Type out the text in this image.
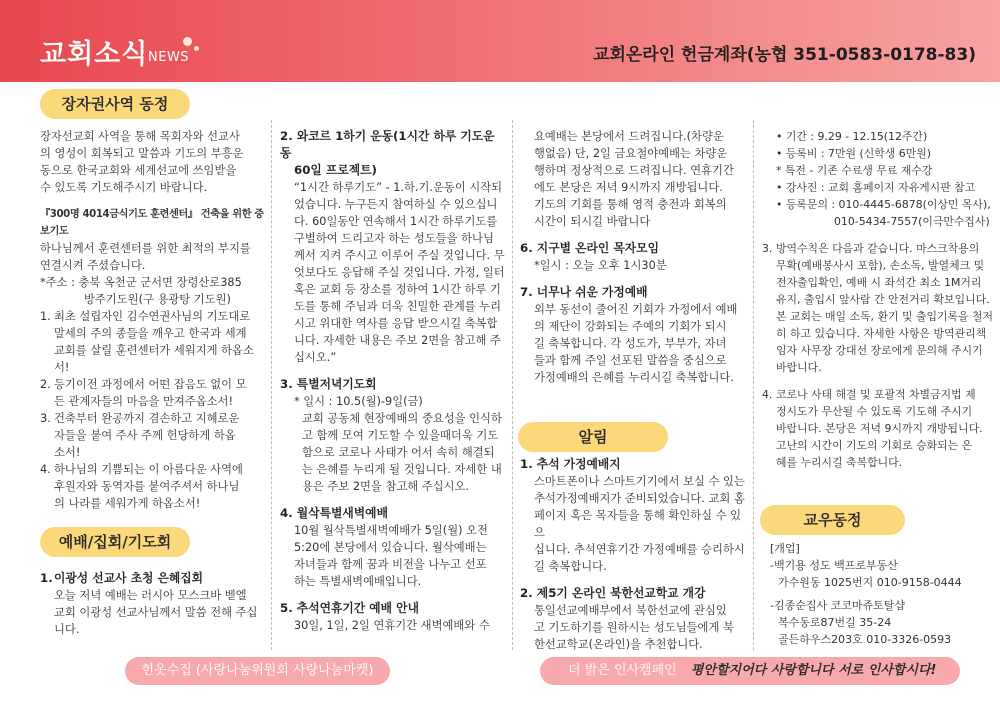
교회소식 NEWS	교회온라인 헌금계좌(농협 351-0583-0178-83)
장자권사역 동정
예배/집회/기도회
알림
교우동정

장자선교회 사역을 통해 목회자와 선교사

의 영성이 회복되고 말씀과 기도의 부흥운

동으로 한국교회와 세계선교에 쓰임받을

수 있도록 기도해주시기 바랍니다.

『300명 4014금식기도 훈련센터』 건축을 위한 중보기도

하나님께서 훈련센터를 위한 최적의 부지를

연결시켜 주셨습니다.

*주소 : 충북 옥천군 군서면 장령산로385

방주기도원(구 용광탕 기도원)

1. 최초 설립자인 김수연권사님의 기도대로

말세의 주의 종들을 깨우고 한국과 세계

교회를 살릴 훈련센터가 세워지게 하옵소서!

2. 등기이전 과정에서 어떤 잡음도 없이 모

든 관계자들의 마음을 만져주옵소서!

3. 건축부터 완공까지 겸손하고 지혜로운

자들을 붙여 주사 주께 헌당하게 하옵

소서!

4. 하나님의 기쁨되는 이 아름다운 사역에

후원자와 동역자를 붙여주셔서 하나님

의 나라를 세워가게 하옵소서!

1. 이광성 선교사 초청 은혜집회

오늘 저녁 예배는 러시아 모스크바 벧엘

교회 이광성 선교사님께서 말씀 전해 주십

니다.

2. 와코르 1하기 운동(1시간 하루 기도운동

60일 프로젝트)

“1시간 하루기도” - 1.하.기.운동이 시작되

었습니다. 누구든지 참여하실 수 있으십니

다. 60일동안 연속해서 1시간 하루기도를

구별하여 드리고자 하는 성도들을 하나님

께서 지켜 주시고 이루어 주실 것입니다. 무

엇보다도 응답해 주실 것입니다. 가정, 일터

혹은 교회 등 장소를 정하여 1시간 하루 기

도를 통해 주님과 더욱 친밀한 관계를 누리

시고 위대한 역사를 응답 받으시길 축복합

니다. 자세한 내용은 주보 2면을 참고해 주

십시오.”

3. 특별저녁기도회

* 일시 : 10.5(월)-9일(금)

교회 공동체 현장예배의 중요성을 인식하

고 함께 모여 기도할 수 있을때더욱 기도

함으로 코로나 사태가 어서 속히 해결되

는 은혜를 누리게 될 것입니다. 자세한 내

용은 주보 2면을 참고해 주십시오.

4. 월삭특별새벽예배

10월 월삭특별새벽예배가 5일(월) 오전

5:20에 본당에서 있습니다. 월삭예배는

자녀들과 함께 꿈과 비전을 나누고 선포

하는 특별새벽예배입니다.

5. 추석연휴기간 예배 안내

30일, 1일, 2일 연휴기간 새벽예배와 수

요예배는 본당에서 드려집니다.(차량운

행없음) 단, 2일 금요철야예배는 차량운

행하며 정상적으로 드려집니다. 연휴기간

에도 본당은 저녁 9시까지 개방됩니다.

기도의 기회를 통해 영적 충전과 회복의

시간이 되시길 바랍니다

6. 지구별 온라인 목자모임

*일시 : 오늘 오후 1시30분

7. 너무나 쉬운 가정예배

외부 동선이 줄어진 기회가 가정에서 예배

의 제단이 강화되는 주예의 기회가 되시

길 축복합니다. 각 성도가, 부부가, 자녀

들과 함께 주일 선포된 말씀을 중심으로

가정예배의 은혜를 누리시길 축복합니다.

1. 추석 가정예배지

스마트폰이나 스마트기기에서 보실 수 있는

추석가정예배지가 준비되었습니다. 교회 홈

페이지 혹은 목자들을 통해 확인하실 수 있으

십니다. 추석연휴기간 가정예배를 승리하시

길 축복합니다.

2. 제5기 온라인 북한선교학교 개강

통일선교예배부에서 북한선교에 관심있

고 기도하기를 원하시는 성도님들에게 북

한선교학교(온라인)을 추천합니다.

• 기간 : 9.29 - 12.15(12주간)

• 등록비 : 7만원 (신학생 6만원)

* 특전 - 기존 수료생 무료 재수강

• 강사진 : 교회 홈페이지 자유게시판 참고

• 등록문의 : 010-4445-6878(이상민 목사),

010-5434-7557(이극만수집사)

3. 방역수칙은 다음과 같습니다. 마스크착용의

무확(예배봉사시 포함), 손소독, 발열체크 및

전자출입확인, 예배 시 좌석간 최소 1M거리

유지, 출입시 앞사람 간 안전거리 확보입니다.

본 교회는 매일 소독, 환기 및 출입기록을 철저

히 하고 있습니다. 자세한 사항은 방역관리책

임자 사무장 강대선 장로에게 문의해 주시기

바랍니다.

4. 코로나 사태 해결 및 포괄적 차별금지법 제

정시도가 무산될 수 있도록 기도해 주시기

바랍니다. 본당은 저녁 9시까지 개방됩니다.

고난의 시간이 기도의 기회로 승화되는 은

혜를 누리시길 축복합니다.

[개업]

-백기용 성도 백프로부동산

가수원동 1025번지 010-9158-0444

-김종순집사 코코마쥬토탈샵

복수동로87번길 35-24

골든하우스203호 010-3326-0593

헌옷수집 (사랑나눔위원회 사랑나눔마켓)	더 밝은 인사캠페인 평안할지어다 사랑합니다 서로 인사합시다!
